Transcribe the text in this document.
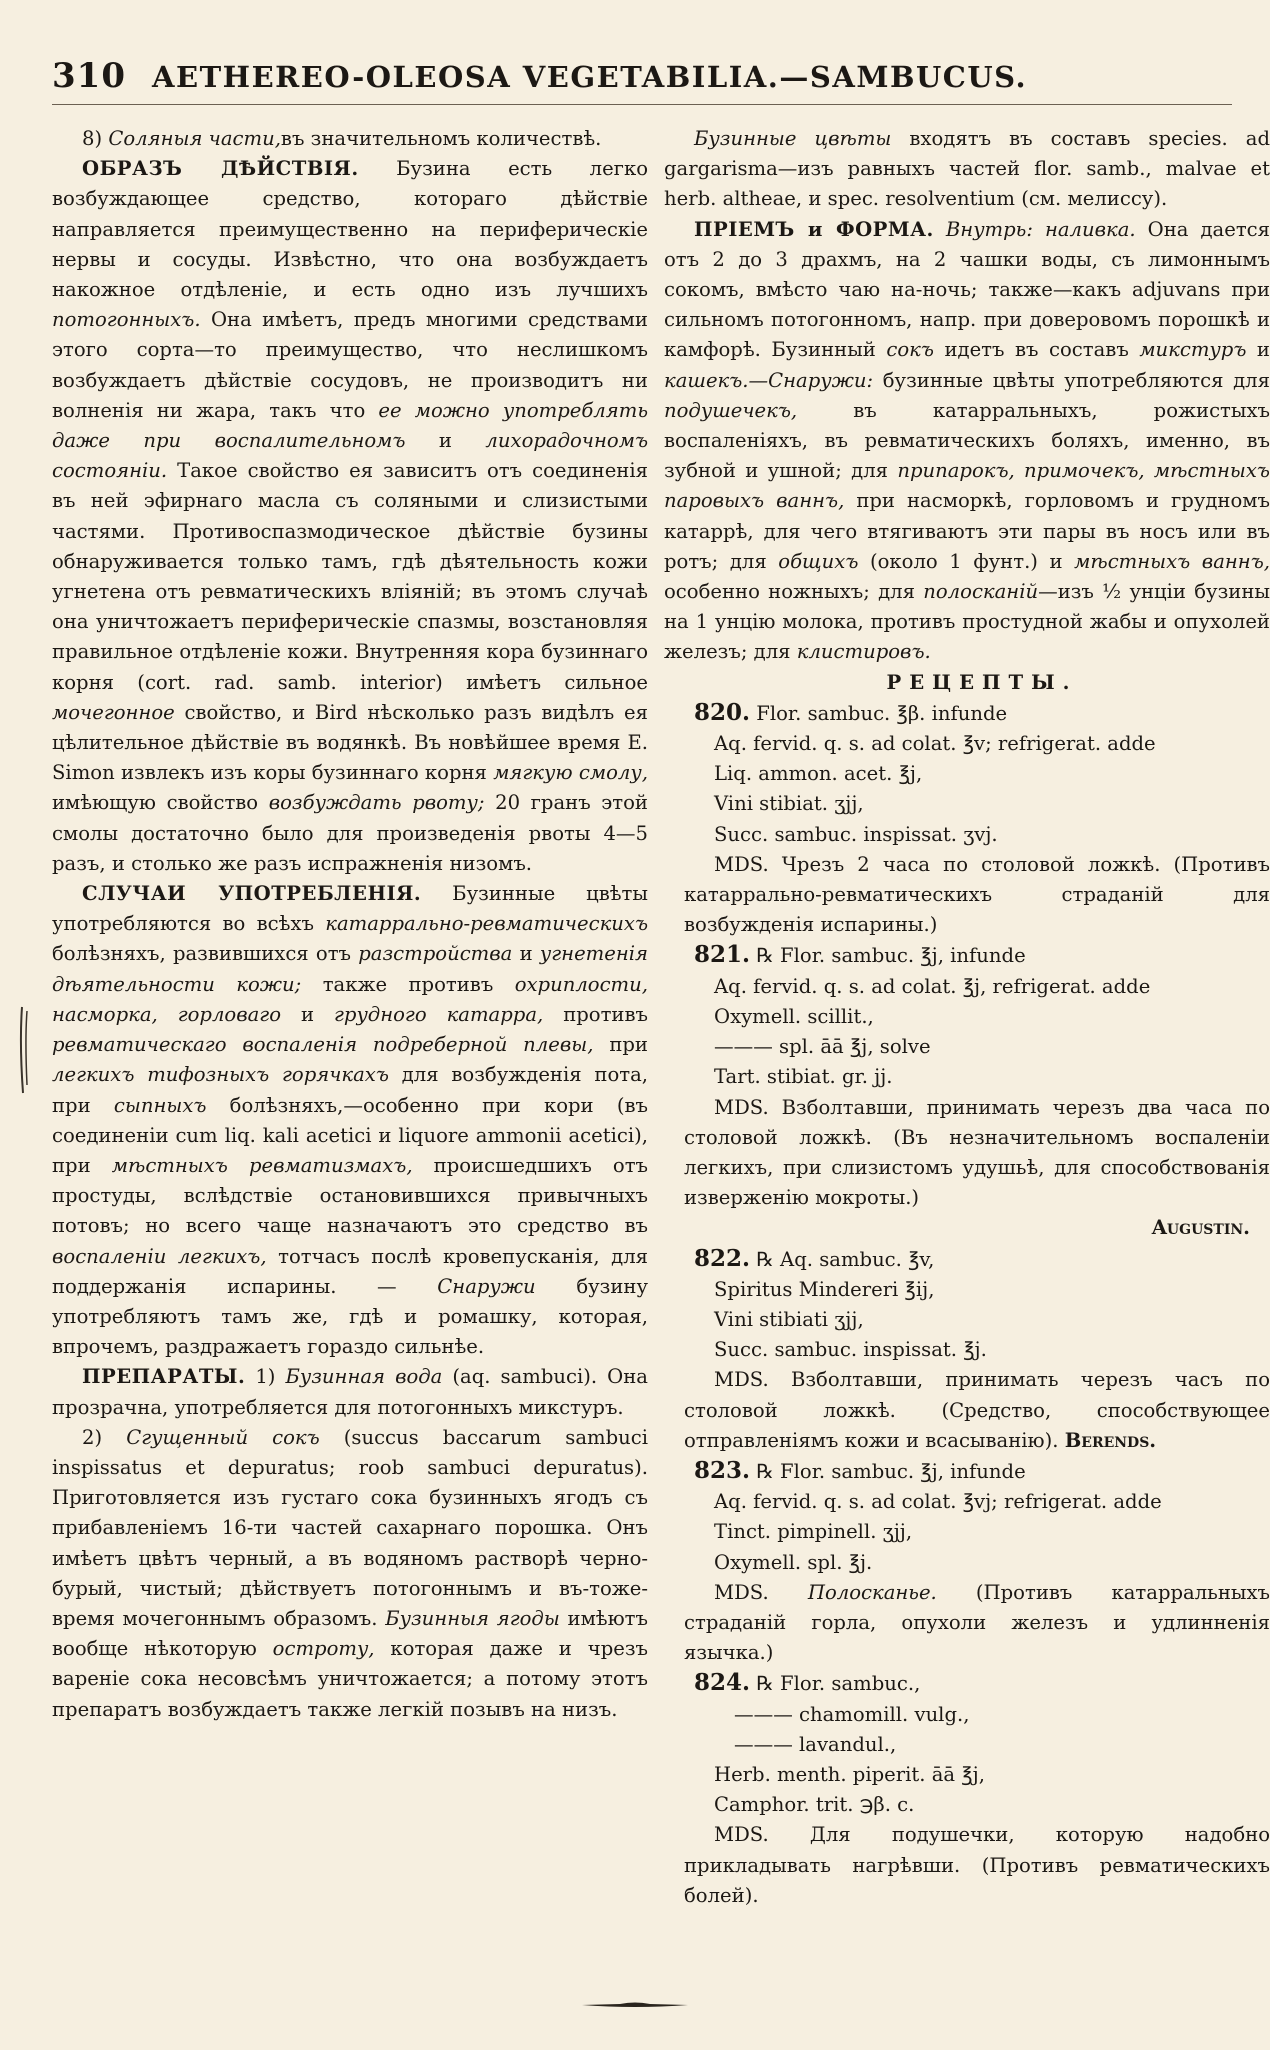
310 AETHEREO-OLEOSA VEGETABILIA.—SAMBUCUS.

8) Соляныя части,въ значительномъ количествѣ.

ОБРАЗЪ ДѢЙСТВІЯ. Бузина есть легко возбуждающее средство, котораго дѣйствіе направляется преимущественно на периферическіе нервы и сосуды. Извѣстно, что она возбуждаетъ накожное отдѣленіе, и есть одно изъ лучшихъ потогонныхъ. Она имѣетъ, предъ многими средствами этого сорта—то преимущество, что неслишкомъ возбуждаетъ дѣйствіе сосудовъ, не производитъ ни волненія ни жара, такъ что ее можно употреблять даже при воспалительномъ и лихорадочномъ состояніи. Такое свойство ея зависитъ отъ соединенія въ ней эфирнаго масла съ соляными и слизистыми частями. Противоспазмодическое дѣйствіе бузины обнаруживается только тамъ, гдѣ дѣятельность кожи угнетена отъ ревматическихъ вліяній; въ этомъ случаѣ она уничтожаетъ периферическіе спазмы, возстановляя правильное отдѣленіе кожи. Внутренняя кора бузиннаго корня (cort. rad. samb. interior) имѣетъ сильное мочегонное свойство, и Bird нѣсколько разъ видѣлъ ея цѣлительное дѣйствіе въ водянкѣ. Въ новѣйшее время E. Simon извлекъ изъ коры бузиннаго корня мягкую смолу, имѣющую свойство возбуждать рвоту; 20 гранъ этой смолы достаточно было для произведенія рвоты 4—5 разъ, и столько же разъ испражненія низомъ.

СЛУЧАИ УПОТРЕБЛЕНІЯ. Бузинные цвѣты употребляются во всѣхъ катаррально-ревматическихъ болѣзняхъ, развившихся отъ разстройства и угнетенія дѣятельности кожи; также противъ охриплости, насморка, горловаго и грудного катарра, противъ ревматическаго воспаленія подреберной плевы, при легкихъ тифозныхъ горячкахъ для возбужденія пота, при сыпныхъ болѣзняхъ,—особенно при кори (въ соединеніи cum liq. kali acetici и liquore ammonii acetici), при мѣстныхъ ревматизмахъ, происшедшихъ отъ простуды, вслѣдствіе остановившихся привычныхъ потовъ; но всего чаще назначаютъ это средство въ воспаленіи легкихъ, тотчасъ послѣ кровепусканія, для поддержанія испарины. — Снаружи бузину употребляютъ тамъ же, гдѣ и ромашку, которая, впрочемъ, раздражаетъ гораздо сильнѣе.

ПРЕПАРАТЫ. 1) Бузинная вода (aq. sambuci). Она прозрачна, употребляется для потогонныхъ микстуръ.

2) Сгущенный сокъ (succus baccarum sambuci inspissatus et depuratus; roob sambuci depuratus). Приготовляется изъ густаго сока бузинныхъ ягодъ съ прибавленіемъ 16-ти частей сахарнаго порошка. Онъ имѣетъ цвѣтъ черный, а въ водяномъ растворѣ черно-бурый, чистый; дѣйствуетъ потогоннымъ и въ-тоже-время мочегоннымъ образомъ. Бузинныя ягоды имѣютъ вообще нѣкоторую остроту, которая даже и чрезъ вареніе сока несовсѣмъ уничтожается; а потому этотъ препаратъ возбуждаетъ также легкій позывъ на низъ.

Бузинные цвѣты входятъ въ составъ species. ad gargarisma—изъ равныхъ частей flor. samb., malvae et herb. altheae, и spec. resolventium (см. мелиссу).

ПРІЕМЪ и ФОРМА. Внутрь: наливка. Она дается отъ 2 до 3 драхмъ, на 2 чашки воды, съ лимоннымъ сокомъ, вмѣсто чаю на-ночь; также—какъ adjuvans при сильномъ потогонномъ, напр. при доверовомъ порошкѣ и камфорѣ. Бузинный сокъ идетъ въ составъ микстуръ и кашекъ.—Снаружи: бузинные цвѣты употребляются для подушечекъ, въ катарральныхъ, рожистыхъ воспаленіяхъ, въ ревматическихъ боляхъ, именно, въ зубной и ушной; для припарокъ, примочекъ, мѣстныхъ паровыхъ ваннъ, при насморкѣ, горловомъ и грудномъ катаррѣ, для чего втягиваютъ эти пары въ носъ или въ ротъ; для общихъ (около 1 фунт.) и мѣстныхъ ваннъ, особенно ножныхъ; для полосканій—изъ ½ унціи бузины на 1 унцію молока, противъ простудной жабы и опухолей железъ; для клистировъ.

РЕЦЕПТЫ.

820. Flor. sambuc. ℥β. infunde

Aq. fervid. q. s. ad colat. ℥v; refrigerat. adde

Liq. ammon. acet. ℥j,

Vini stibiat. ʒjj,

Succ. sambuc. inspissat. ʒvj.

MDS. Чрезъ 2 часа по столовой ложкѣ. (Противъ катаррально-ревматическихъ страданій для возбужденія испарины.)

821. ℞ Flor. sambuc. ℥j, infunde

Aq. fervid. q. s. ad colat. ℥j, refrigerat. adde

Oxymell. scillit.,

——— spl. āā ℥j, solve

Tart. stibiat. gr. jj.

MDS. Взболтавши, принимать черезъ два часа по столовой ложкѣ. (Въ незначительномъ воспаленіи легкихъ, при слизистомъ удушьѣ, для способствованія изверженію мокроты.)

Augustin.

822. ℞ Aq. sambuc. ℥v,

Spiritus Mindereri ℥ij,

Vini stibiati ʒjj,

Succ. sambuc. inspissat. ℥j.

MDS. Взболтавши, принимать черезъ часъ по столовой ложкѣ. (Средство, способствующее отправленіямъ кожи и всасыванію). Berends.

823. ℞ Flor. sambuc. ℥j, infunde

Aq. fervid. q. s. ad colat. ℥vj; refrigerat. adde

Tinct. pimpinell. ʒjj,

Oxymell. spl. ℥j.

MDS. Полосканье. (Противъ катарральныхъ страданій горла, опухоли железъ и удлинненія язычка.)

824. ℞ Flor. sambuc.,

——— chamomill. vulg.,

——— lavandul.,

Herb. menth. piperit. āā ℥j,

Camphor. trit. ℈β. c.

MDS. Для подушечки, которую надобно прикладывать нагрѣвши. (Противъ ревматическихъ болей).
